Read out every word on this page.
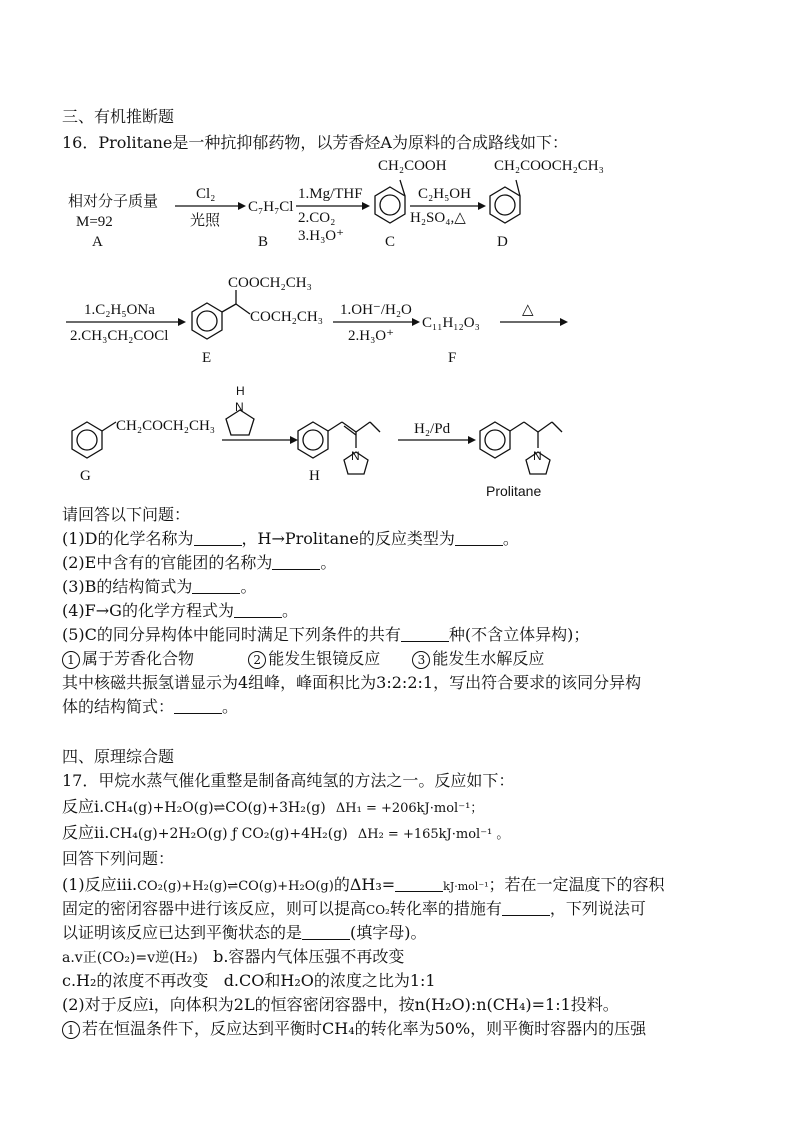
三、有机推断题
16．Prolitane是一种抗抑郁药物，以芳香烃A为原料的合成路线如下：
相对分子质量
M=92
A
Cl₂
光照
C₇H₇Cl
B
1.Mg/THF
2.CO₂
3.H₃O⁺
CH₂COOH
C
C₂H₅OH
H₂SO₄,△
CH₂COOCH₂CH₃
D
1.C₂H₅ONa
2.CH₃CH₂COCl
COOCH₂CH₃
COCH₂CH₃
E
1.OH⁻/H₂O
2.H₃O⁺
C₁₁H₁₂O₃
F
△
CH₂COCH₂CH₃
G
H
N
N
H
H₂/Pd
N
Prolitane
请回答以下问题：
(1)D的化学名称为	，H→Prolitane的反应类型为	。
(2)E中含有的官能团的名称为	。
(3)B的结构简式为	。
(4)F→G的化学方程式为	。
(5)C的同分异构体中能同时满足下列条件的共有	种(不含立体异构)；
1 属于芳香化合物	2 能发生银镜反应	3 能发生水解反应
其中核磁共振氢谱显示为4组峰，峰面积比为3:2:2:1，写出符合要求的该同分异构
体的结构简式：	。
四、原理综合题
17．甲烷水蒸气催化重整是制备高纯氢的方法之一。反应如下：
反应i.CH₄(g)+H₂O(g)⇌CO(g)+3H₂(g) ΔH₁ = +206kJ·mol⁻¹；
反应ii.CH₄(g)+2H₂O(g) ƒ CO₂(g)+4H₂(g) ΔH₂ = +165kJ·mol⁻¹ 。
回答下列问题：
(1)反应iii.CO₂(g)+H₂(g)⇌CO(g)+H₂O(g)的ΔH₃=	kJ·mol⁻¹；若在一定温度下的容积
固定的密闭容器中进行该反应，则可以提高CO₂转化率的措施有	，下列说法可
以证明该反应已达到平衡状态的是	(填字母)。
a.v正(CO₂)=v逆(H₂) b.容器内气体压强不再改变
c.H₂的浓度不再改变 d.CO和H₂O的浓度之比为1:1
(2)对于反应i，向体积为2L的恒容密闭容器中，按n(H₂O):n(CH₄)=1:1投料。
1 若在恒温条件下，反应达到平衡时CH₄的转化率为50%，则平衡时容器内的压强
